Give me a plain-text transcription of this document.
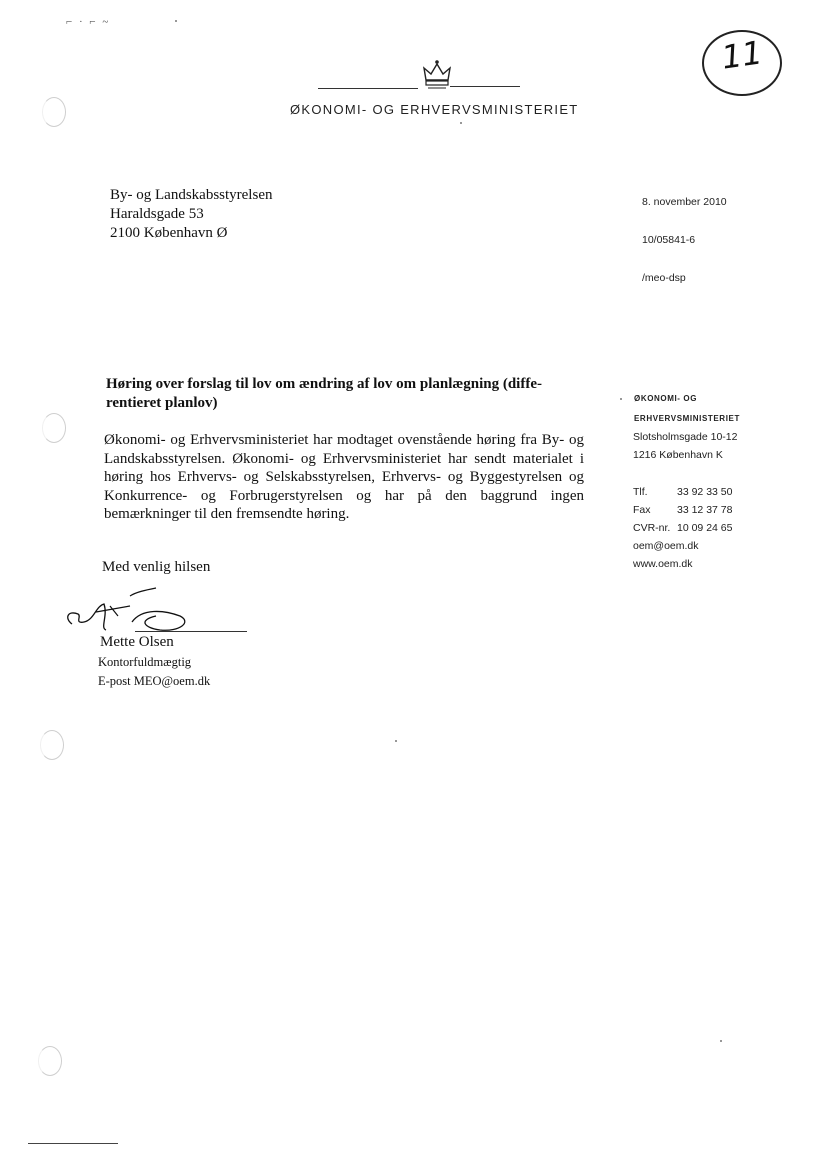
⌐ · ⌐ ~
11
ØKONOMI- OG ERHVERVSMINISTERIET
By- og Landskabsstyrelsen
Haraldsgade 53
2100 København Ø
8. november 2010
10/05841-6
/meo-dsp
Høring over forslag til lov om ændring af lov om planlægning (diffe-rentieret planlov)

Økonomi- og Erhvervsministeriet har modtaget ovenstående høring fra By- og Landskabsstyrelsen. Økonomi- og Erhvervsministeriet har sendt materialet i høring hos Erhvervs- og Selskabsstyrelsen, Erhvervs- og Byggestyrelsen og Konkurrence- og Forbrugerstyrelsen og har på den baggrund ingen bemærkninger til den fremsendte høring.

Med venlig hilsen
Mette Olsen
Kontorfuldmægtig
E-post MEO@oem.dk
ØKONOMI- OG
ERHVERVSMINISTERIET
Slotsholmsgade 10-12
1216 København K
Tlf.	33 92 33 50
Fax	33 12 37 78
CVR-nr. 10 09 24 65
oem@oem.dk
www.oem.dk
